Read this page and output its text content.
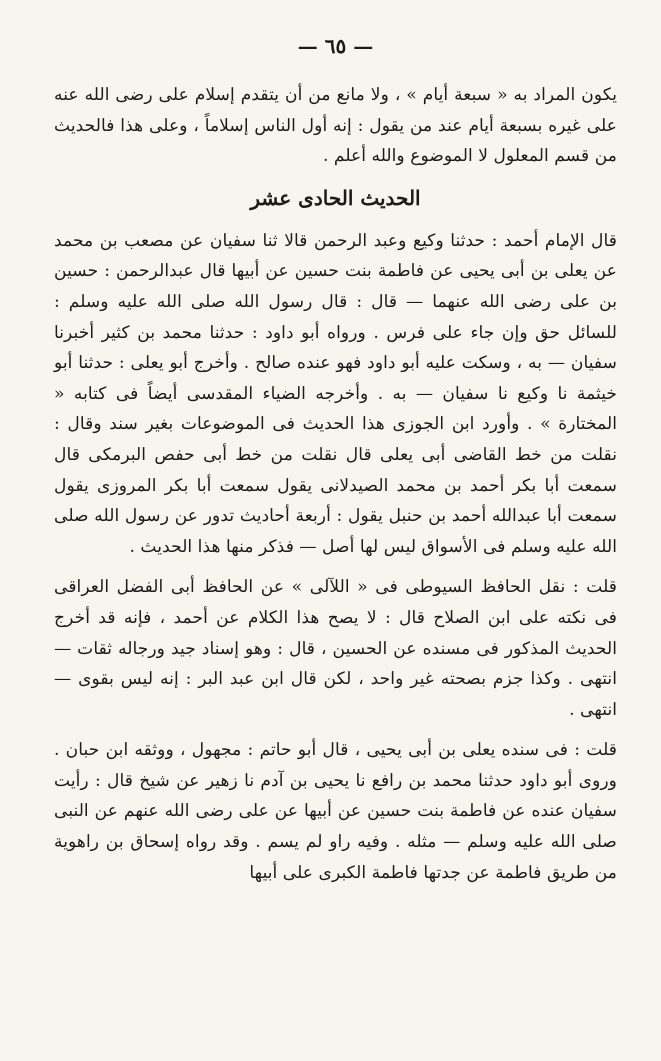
— ٦٥ —

يكون المراد به « سبعة أيام » ، ولا مانع من أن يتقدم إسلام على رضى الله عنه على غيره بسبعة أيام عند من يقول : إنه أول الناس إسلاماً ، وعلى هذا فالحديث من قسم المعلول لا الموضوع والله أعلم .

الحديث الحادى عشر

قال الإمام أحمد : حدثنا وكيع وعبد الرحمن قالا ثنا سفيان عن مصعب بن محمد عن يعلى بن أبى يحيى عن فاطمة بنت حسين عن أبيها قال عبدالرحمن : حسين بن على رضى الله عنهما — قال : قال رسول الله صلى الله عليه وسلم : للسائل حق وإن جاء على فرس . ورواه أبو داود : حدثنا محمد بن كثير أخبرنا سفيان — به ، وسكت عليه أبو داود فهو عنده صالح . وأخرج أبو يعلى : حدثنا أبو خيثمة نا وكيع نا سفيان — به . وأخرجه الضياء المقدسى أيضاً فى كتابه « المختارة » . وأورد ابن الجوزى هذا الحديث فى الموضوعات بغير سند وقال : نقلت من خط القاضى أبى يعلى قال نقلت من خط أبى حفص البرمكى قال سمعت أبا بكر أحمد بن محمد الصيدلانى يقول سمعت أبا بكر المروزى يقول سمعت أبا عبدالله أحمد بن حنبل يقول : أربعة أحاديث تدور عن رسول الله صلى الله عليه وسلم فى الأسواق ليس لها أصل — فذكر منها هذا الحديث .

قلت : نقل الحافظ السيوطى فى « اللآلى » عن الحافظ أبى الفضل العراقى فى نكته على ابن الصلاح قال : لا يصح هذا الكلام عن أحمد ، فإنه قد أخرج الحديث المذكور فى مسنده عن الحسين ، قال : وهو إسناد جيد ورجاله ثقات — انتهى . وكذا جزم بصحته غير واحد ، لكن قال ابن عبد البر : إنه ليس بقوى — انتهى .

قلت : فى سنده يعلى بن أبى يحيى ، قال أبو حاتم : مجهول ، ووثقه ابن حبان . وروى أبو داود حدثنا محمد بن رافع نا يحيى بن آدم نا زهير عن شيخ قال : رأيت سفيان عنده عن فاطمة بنت حسين عن أبيها عن على رضى الله عنهم عن النبى صلى الله عليه وسلم — مثله . وفيه راو لم يسم . وقد رواه إسحاق بن راهوية من طريق فاطمة عن جدتها فاطمة الكبرى على أبيها
